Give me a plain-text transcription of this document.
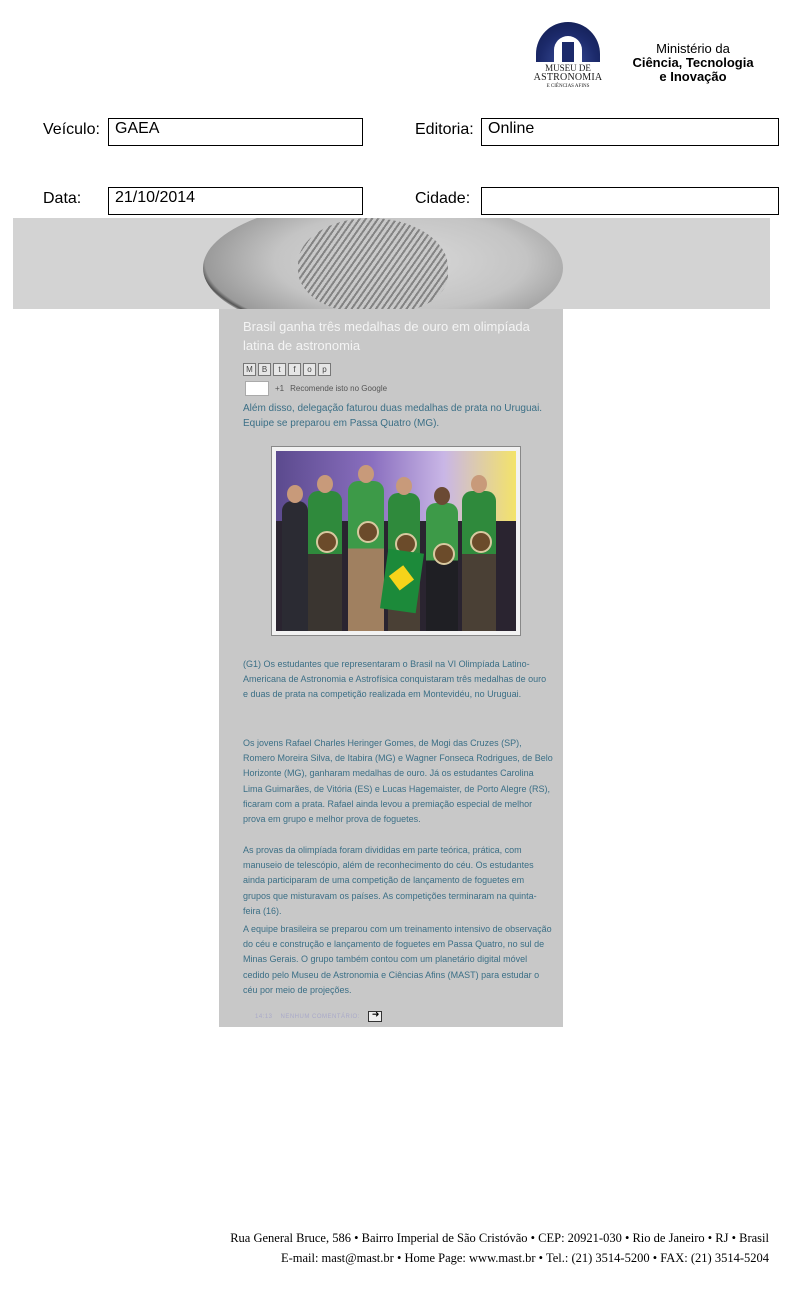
MUSEU DE
ASTRONOMIA
E CIÊNCIAS AFINS
Ministério da
Ciência, Tecnologia
e Inovação
Veículo: GAEA	Editoria: Online
Data:	21/10/2014	Cidade:
Brasil ganha três medalhas de ouro em olimpíada latina de astronomia
M	B	t	f	o	p
+1 Recomende isto no Google
Além disso, delegação faturou duas medalhas de prata no Uruguai. Equipe se preparou em Passa Quatro (MG).
(G1) Os estudantes que representaram o Brasil na VI Olimpíada Latino-Americana de Astronomia e Astrofísica conquistaram três medalhas de ouro e duas de prata na competição realizada em Montevidéu, no Uruguai.
Os jovens Rafael Charles Heringer Gomes, de Mogi das Cruzes (SP), Romero Moreira Silva, de Itabira (MG) e Wagner Fonseca Rodrigues, de Belo Horizonte (MG), ganharam medalhas de ouro. Já os estudantes Carolina Lima Guimarães, de Vitória (ES) e Lucas Hagemaister, de Porto Alegre (RS), ficaram com a prata. Rafael ainda levou a premiação especial de melhor prova em grupo e melhor prova de foguetes.
As provas da olimpíada foram divididas em parte teórica, prática, com manuseio de telescópio, além de reconhecimento do céu. Os estudantes ainda participaram de uma competição de lançamento de foguetes em grupos que misturavam os países. As competições terminaram na quinta-feira (16).
A equipe brasileira se preparou com um treinamento intensivo de observação do céu e construção e lançamento de foguetes em Passa Quatro, no sul de Minas Gerais. O grupo também contou com um planetário digital móvel cedido pelo Museu de Astronomia e Ciências Afins (MAST) para estudar o céu por meio de projeções.
14:13 NENHUM COMENTÁRIO:
➜
Rua General Bruce, 586 • Bairro Imperial de São Cristóvão • CEP: 20921-030 • Rio de Janeiro • RJ • Brasil
E-mail: mast@mast.br • Home Page: www.mast.br • Tel.: (21) 3514-5200 • FAX: (21) 3514-5204
